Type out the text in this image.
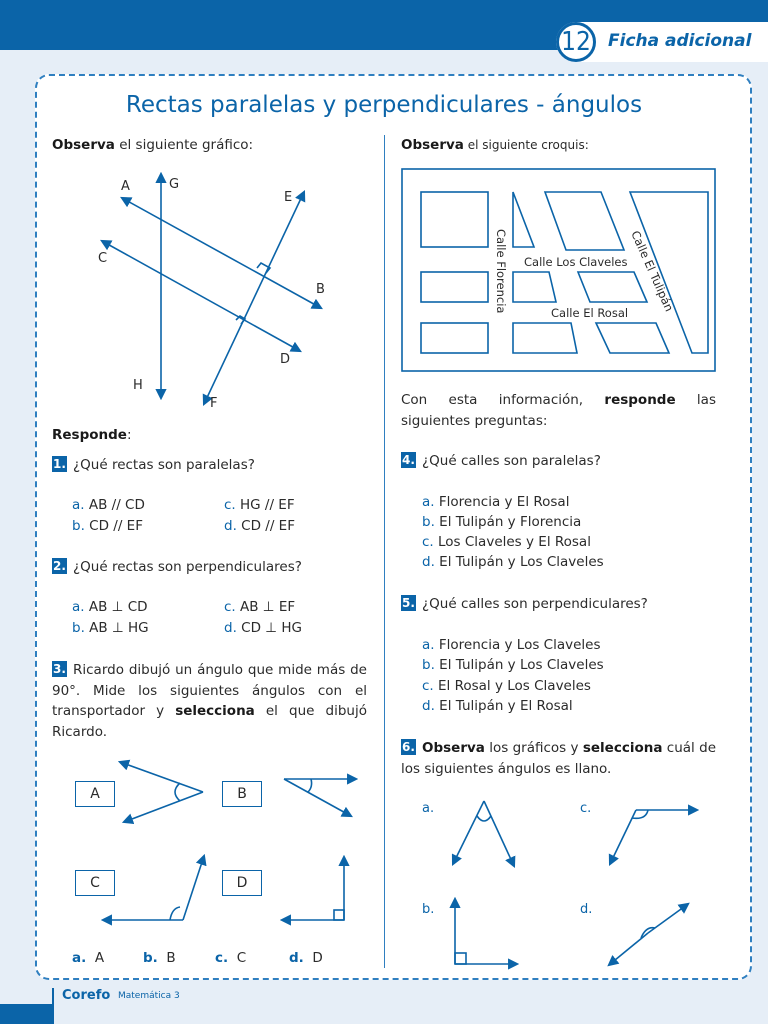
12	Ficha adicional
Rectas paralelas y perpendiculares - ángulos
Observa el siguiente gráfico:
A	G
E
C
B
D
H
F
Responde:
1. ¿Qué rectas son paralelas?
a. AB // CD
b. CD // EF
c. HG // EF
d. CD // EF
2. ¿Qué rectas son perpendiculares?
a. AB ⊥ CD
b. AB ⊥ HG
c. AB ⊥ EF
d. CD ⊥ HG
3. Ricardo dibujó un ángulo que mide más de 90°. Mide los siguientes ángulos con el transportador y selecciona el que dibujó Ricardo.
A	B
C	D
a. A	b. B	c. C	d. D
Observa el siguiente croquis:
Calle Florencia Calle Los Claveles
Calle El Rosal Calle El Tulipán
Con esta información, responde las siguientes preguntas:
4. ¿Qué calles son paralelas?
a. Florencia y El Rosal
b. El Tulipán y Florencia
c. Los Claveles y El Rosal
d. El Tulipán y Los Claveles
5. ¿Qué calles son perpendiculares?
a. Florencia y Los Claveles
b. El Tulipán y Los Claveles
c. El Rosal y Los Claveles
d. El Tulipán y El Rosal
6. Observa los gráficos y selecciona cuál de los siguientes ángulos es llano.
a.	c.
b.	d.
Corefo Matemática 3
